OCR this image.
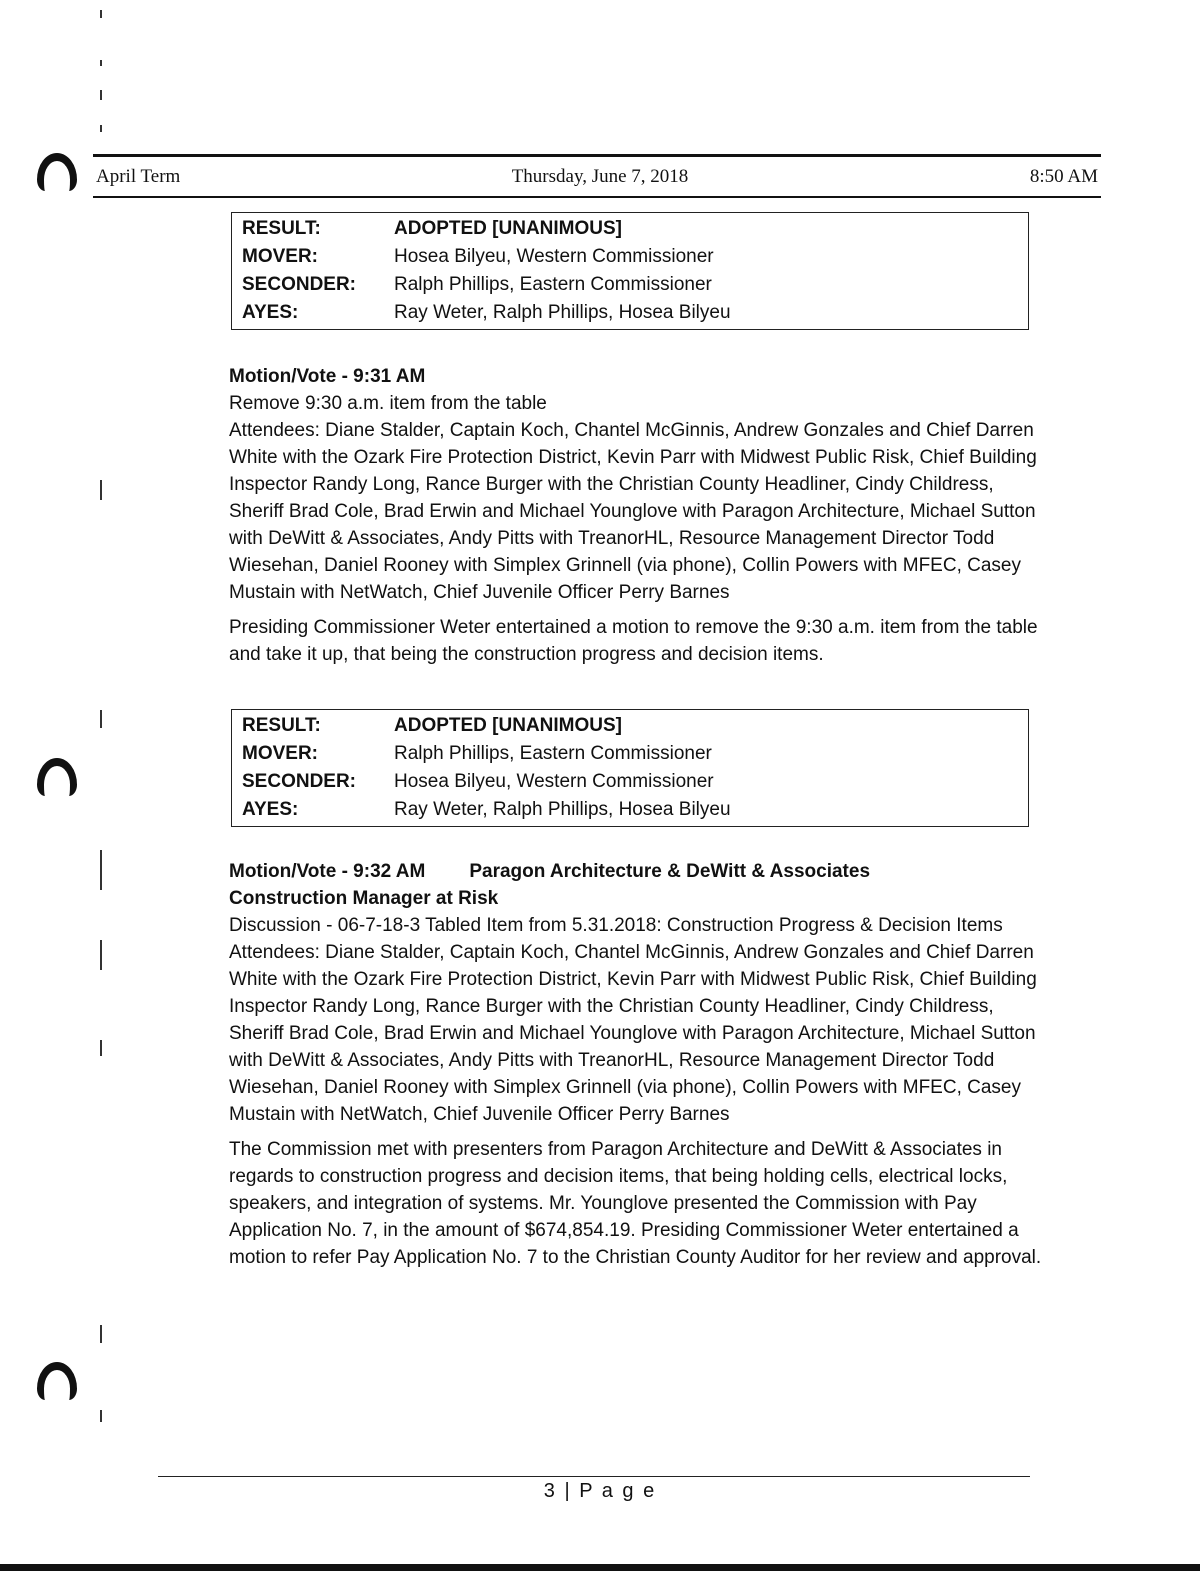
April Term	Thursday, June 7, 2018	8:50 AM
RESULT:	ADOPTED [UNANIMOUS]
MOVER:	Hosea Bilyeu, Western Commissioner
SECONDER:	Ralph Phillips, Eastern Commissioner
AYES:	Ray Weter, Ralph Phillips, Hosea Bilyeu

Motion/Vote - 9:31 AM

Remove 9:30 a.m. item from the table

Attendees: Diane Stalder, Captain Koch, Chantel McGinnis, Andrew Gonzales and Chief Darren White with the Ozark Fire Protection District, Kevin Parr with Midwest Public Risk, Chief Building Inspector Randy Long, Rance Burger with the Christian County Headliner, Cindy Childress, Sheriff Brad Cole, Brad Erwin and Michael Younglove with Paragon Architecture, Michael Sutton with DeWitt & Associates, Andy Pitts with TreanorHL, Resource Management Director Todd Wiesehan, Daniel Rooney with Simplex Grinnell (via phone), Collin Powers with MFEC, Casey Mustain with NetWatch, Chief Juvenile Officer Perry Barnes

Presiding Commissioner Weter entertained a motion to remove the 9:30 a.m. item from the table and take it up, that being the construction progress and decision items.

RESULT:	ADOPTED [UNANIMOUS]
MOVER:	Ralph Phillips, Eastern Commissioner
SECONDER:	Hosea Bilyeu, Western Commissioner
AYES:	Ray Weter, Ralph Phillips, Hosea Bilyeu

Motion/Vote - 9:32 AM Paragon Architecture & DeWitt & Associates

Construction Manager at Risk

Discussion - 06-7-18-3 Tabled Item from 5.31.2018: Construction Progress & Decision Items

Attendees: Diane Stalder, Captain Koch, Chantel McGinnis, Andrew Gonzales and Chief Darren White with the Ozark Fire Protection District, Kevin Parr with Midwest Public Risk, Chief Building Inspector Randy Long, Rance Burger with the Christian County Headliner, Cindy Childress, Sheriff Brad Cole, Brad Erwin and Michael Younglove with Paragon Architecture, Michael Sutton with DeWitt & Associates, Andy Pitts with TreanorHL, Resource Management Director Todd Wiesehan, Daniel Rooney with Simplex Grinnell (via phone), Collin Powers with MFEC, Casey Mustain with NetWatch, Chief Juvenile Officer Perry Barnes

The Commission met with presenters from Paragon Architecture and DeWitt & Associates in regards to construction progress and decision items, that being holding cells, electrical locks, speakers, and integration of systems. Mr. Younglove presented the Commission with Pay Application No. 7, in the amount of $674,854.19. Presiding Commissioner Weter entertained a motion to refer Pay Application No. 7 to the Christian County Auditor for her review and approval.

3 | P a g e
